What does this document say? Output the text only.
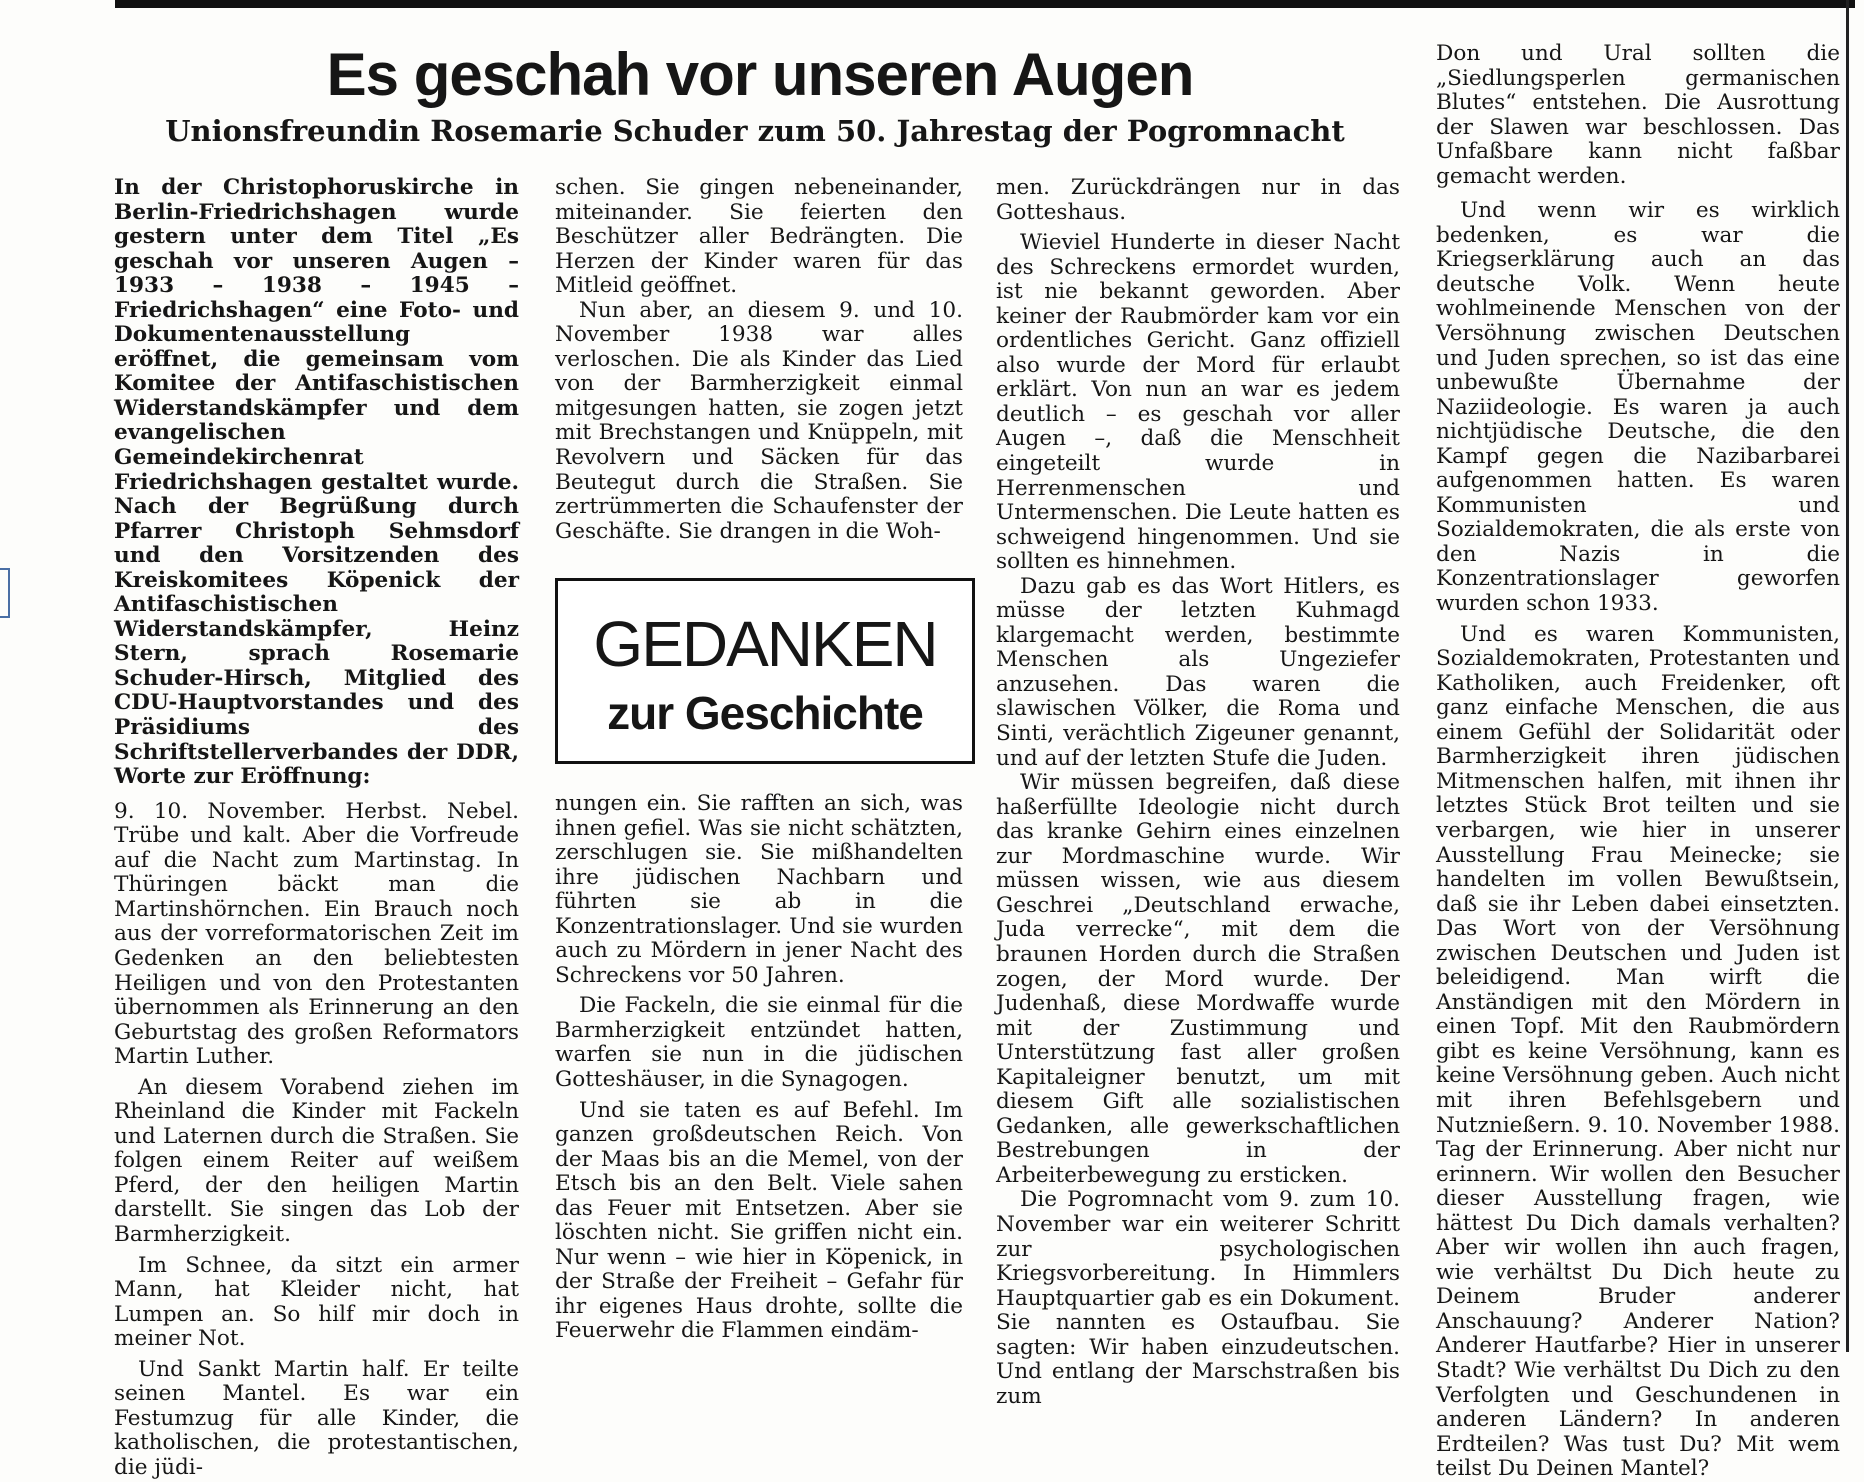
Es geschah vor unseren Augen
Unionsfreundin Rosemarie Schuder zum 50. Jahrestag der Pogromnacht

In der Christophoruskirche in Berlin-Friedrichshagen wurde gestern unter dem Titel „Es geschah vor unseren Augen – 1933 – 1938 – 1945 – Friedrichshagen“ eine Foto- und Dokumentenausstellung eröffnet, die gemeinsam vom Komitee der Antifaschistischen Widerstandskämpfer und dem evangelischen Gemeindekirchenrat Friedrichshagen gestaltet wurde. Nach der Begrüßung durch Pfarrer Christoph Sehmsdorf und den Vorsitzenden des Kreiskomitees Köpenick der Antifaschistischen Widerstandskämpfer, Heinz Stern, sprach Rosemarie Schuder-Hirsch, Mitglied des CDU-Hauptvorstandes und des Präsidiums des Schriftstellerverbandes der DDR, Worte zur Eröffnung:

9. 10. November. Herbst. Nebel. Trübe und kalt. Aber die Vorfreude auf die Nacht zum Martinstag. In Thüringen bäckt man die Martinshörnchen. Ein Brauch noch aus der vorreformatorischen Zeit im Gedenken an den beliebtesten Heiligen und von den Protestanten übernommen als Erinnerung an den Geburtstag des großen Reformators Martin Luther.

An diesem Vorabend ziehen im Rheinland die Kinder mit Fackeln und Laternen durch die Straßen. Sie folgen einem Reiter auf weißem Pferd, der den heiligen Martin darstellt. Sie singen das Lob der Barmherzigkeit.

Im Schnee, da sitzt ein armer Mann, hat Kleider nicht, hat Lumpen an. So hilf mir doch in meiner Not.

Und Sankt Martin half. Er teilte seinen Mantel. Es war ein Festumzug für alle Kinder, die katholischen, die protestantischen, die jüdi-

schen. Sie gingen nebeneinander, miteinander. Sie feierten den Beschützer aller Bedrängten. Die Herzen der Kinder waren für das Mitleid geöffnet.

Nun aber, an diesem 9. und 10. November 1938 war alles verloschen. Die als Kinder das Lied von der Barmherzigkeit einmal mitgesungen hatten, sie zogen jetzt mit Brechstangen und Knüppeln, mit Revolvern und Säcken für das Beutegut durch die Straßen. Sie zertrümmerten die Schaufenster der Geschäfte. Sie drangen in die Woh-

GEDANKEN
zur Geschichte

nungen ein. Sie rafften an sich, was ihnen gefiel. Was sie nicht schätzten, zerschlugen sie. Sie mißhandelten ihre jüdischen Nachbarn und führten sie ab in die Konzentrationslager. Und sie wurden auch zu Mördern in jener Nacht des Schreckens vor 50 Jahren.

Die Fackeln, die sie einmal für die Barmherzigkeit entzündet hatten, warfen sie nun in die jüdischen Gotteshäuser, in die Synagogen.

Und sie taten es auf Befehl. Im ganzen großdeutschen Reich. Von der Maas bis an die Memel, von der Etsch bis an den Belt. Viele sahen das Feuer mit Entsetzen. Aber sie löschten nicht. Sie griffen nicht ein. Nur wenn – wie hier in Köpenick, in der Straße der Freiheit – Gefahr für ihr eigenes Haus drohte, sollte die Feuerwehr die Flammen eindäm-

men. Zurückdrängen nur in das Gotteshaus.

Wieviel Hunderte in dieser Nacht des Schreckens ermordet wurden, ist nie bekannt geworden. Aber keiner der Raubmörder kam vor ein ordentliches Gericht. Ganz offiziell also wurde der Mord für erlaubt erklärt. Von nun an war es jedem deutlich – es geschah vor aller Augen –, daß die Menschheit eingeteilt wurde in Herrenmenschen und Untermenschen. Die Leute hatten es schweigend hingenommen. Und sie sollten es hinnehmen.

Dazu gab es das Wort Hitlers, es müsse der letzten Kuhmagd klargemacht werden, bestimmte Menschen als Ungeziefer anzusehen. Das waren die slawischen Völker, die Roma und Sinti, verächtlich Zigeuner genannt, und auf der letzten Stufe die Juden.

Wir müssen begreifen, daß diese haßerfüllte Ideologie nicht durch das kranke Gehirn eines einzelnen zur Mordmaschine wurde. Wir müssen wissen, wie aus diesem Geschrei „Deutschland erwache, Juda verrecke“, mit dem die braunen Horden durch die Straßen zogen, der Mord wurde. Der Judenhaß, diese Mordwaffe wurde mit der Zustimmung und Unterstützung fast aller großen Kapitaleigner benutzt, um mit diesem Gift alle sozialistischen Gedanken, alle gewerkschaftlichen Bestrebungen in der Arbeiterbewegung zu ersticken.

Die Pogromnacht vom 9. zum 10. November war ein weiterer Schritt zur psychologischen Kriegsvorbereitung. In Himmlers Hauptquartier gab es ein Dokument. Sie nannten es Ostaufbau. Sie sagten: Wir haben einzudeutschen. Und entlang der Marschstraßen bis zum

Don und Ural sollten die „Siedlungsperlen germanischen Blutes“ entstehen. Die Ausrottung der Slawen war beschlossen. Das Unfaßbare kann nicht faßbar gemacht werden.

Und wenn wir es wirklich bedenken, es war die Kriegserklärung auch an das deutsche Volk. Wenn heute wohlmeinende Menschen von der Versöhnung zwischen Deutschen und Juden sprechen, so ist das eine unbewußte Übernahme der Naziideologie. Es waren ja auch nichtjüdische Deutsche, die den Kampf gegen die Nazibarbarei aufgenommen hatten. Es waren Kommunisten und Sozialdemokraten, die als erste von den Nazis in die Konzentrationslager geworfen wurden schon 1933.

Und es waren Kommunisten, Sozialdemokraten, Protestanten und Katholiken, auch Freidenker, oft ganz einfache Menschen, die aus einem Gefühl der Solidarität oder Barmherzigkeit ihren jüdischen Mitmenschen halfen, mit ihnen ihr letztes Stück Brot teilten und sie verbargen, wie hier in unserer Ausstellung Frau Meinecke; sie handelten im vollen Bewußtsein, daß sie ihr Leben dabei einsetzten. Das Wort von der Versöhnung zwischen Deutschen und Juden ist beleidigend. Man wirft die Anständigen mit den Mördern in einen Topf. Mit den Raubmördern gibt es keine Versöhnung, kann es keine Versöhnung geben. Auch nicht mit ihren Befehlsgebern und Nutznießern. 9. 10. November 1988. Tag der Erinnerung. Aber nicht nur erinnern. Wir wollen den Besucher dieser Ausstellung fragen, wie hättest Du Dich damals verhalten? Aber wir wollen ihn auch fragen, wie verhältst Du Dich heute zu Deinem Bruder anderer Anschauung? Anderer Nation? Anderer Hautfarbe? Hier in unserer Stadt? Wie verhältst Du Dich zu den Verfolgten und Geschundenen in anderen Ländern? In anderen Erdteilen? Was tust Du? Mit wem teilst Du Deinen Mantel?
